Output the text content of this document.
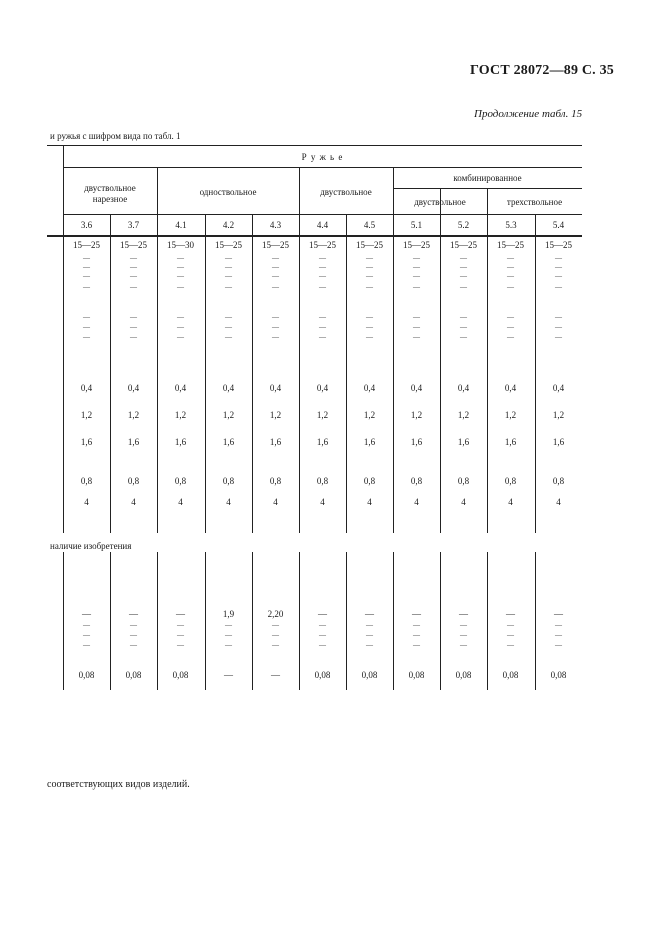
ГОСТ 28072—89 С. 35
Продолжение табл. 15
и ружья с шифром вида по табл. 1
Р у ж ь е
двуствольное нарезное
одноствольное	двуствольное
комбинированное
двуствольное	трехствольное
3.6	3.7	4.1	4.2	4.3	4.4	4.5	5.1	5.2	5.3	5.4
15—25	15—25	15—30	15—25	15—25	15—25	15—25	15—25	15—25	15—25	15—25
—	—	—	—	—	—	—	—	—	—	—
—	—	—	—	—	—	—	—	—	—	—
—	—	—	—	—	—	—	—	—	—	—
—	—	—	—	—	—	—	—	—	—	—
—	—	—	—	—	—	—	—	—	—	—
—	—	—	—	—	—	—	—	—	—	—
—	—	—	—	—	—	—	—	—	—	—
0,4	0,4	0,4	0,4	0,4	0,4	0,4	0,4	0,4	0,4	0,4
1,2	1,2	1,2	1,2	1,2	1,2	1,2	1,2	1,2	1,2	1,2
1,6	1,6	1,6	1,6	1,6	1,6	1,6	1,6	1,6	1,6	1,6
0,8	0,8	0,8	0,8	0,8	0,8	0,8	0,8	0,8	0,8	0,8
4	4	4	4	4	4	4	4	4	4	4
—	—	—	1,9	2,20	—	—	—	—	—	—
—	—	—	—	—	—	—	—	—	—	—
—	—	—	—	—	—	—	—	—	—	—
—	—	—	—	—	—	—	—	—	—	—
0,08	0,08	0,08	—	—	0,08	0,08	0,08	0,08	0,08	0,08
наличие изобретения
соответствующих видов изделий.
